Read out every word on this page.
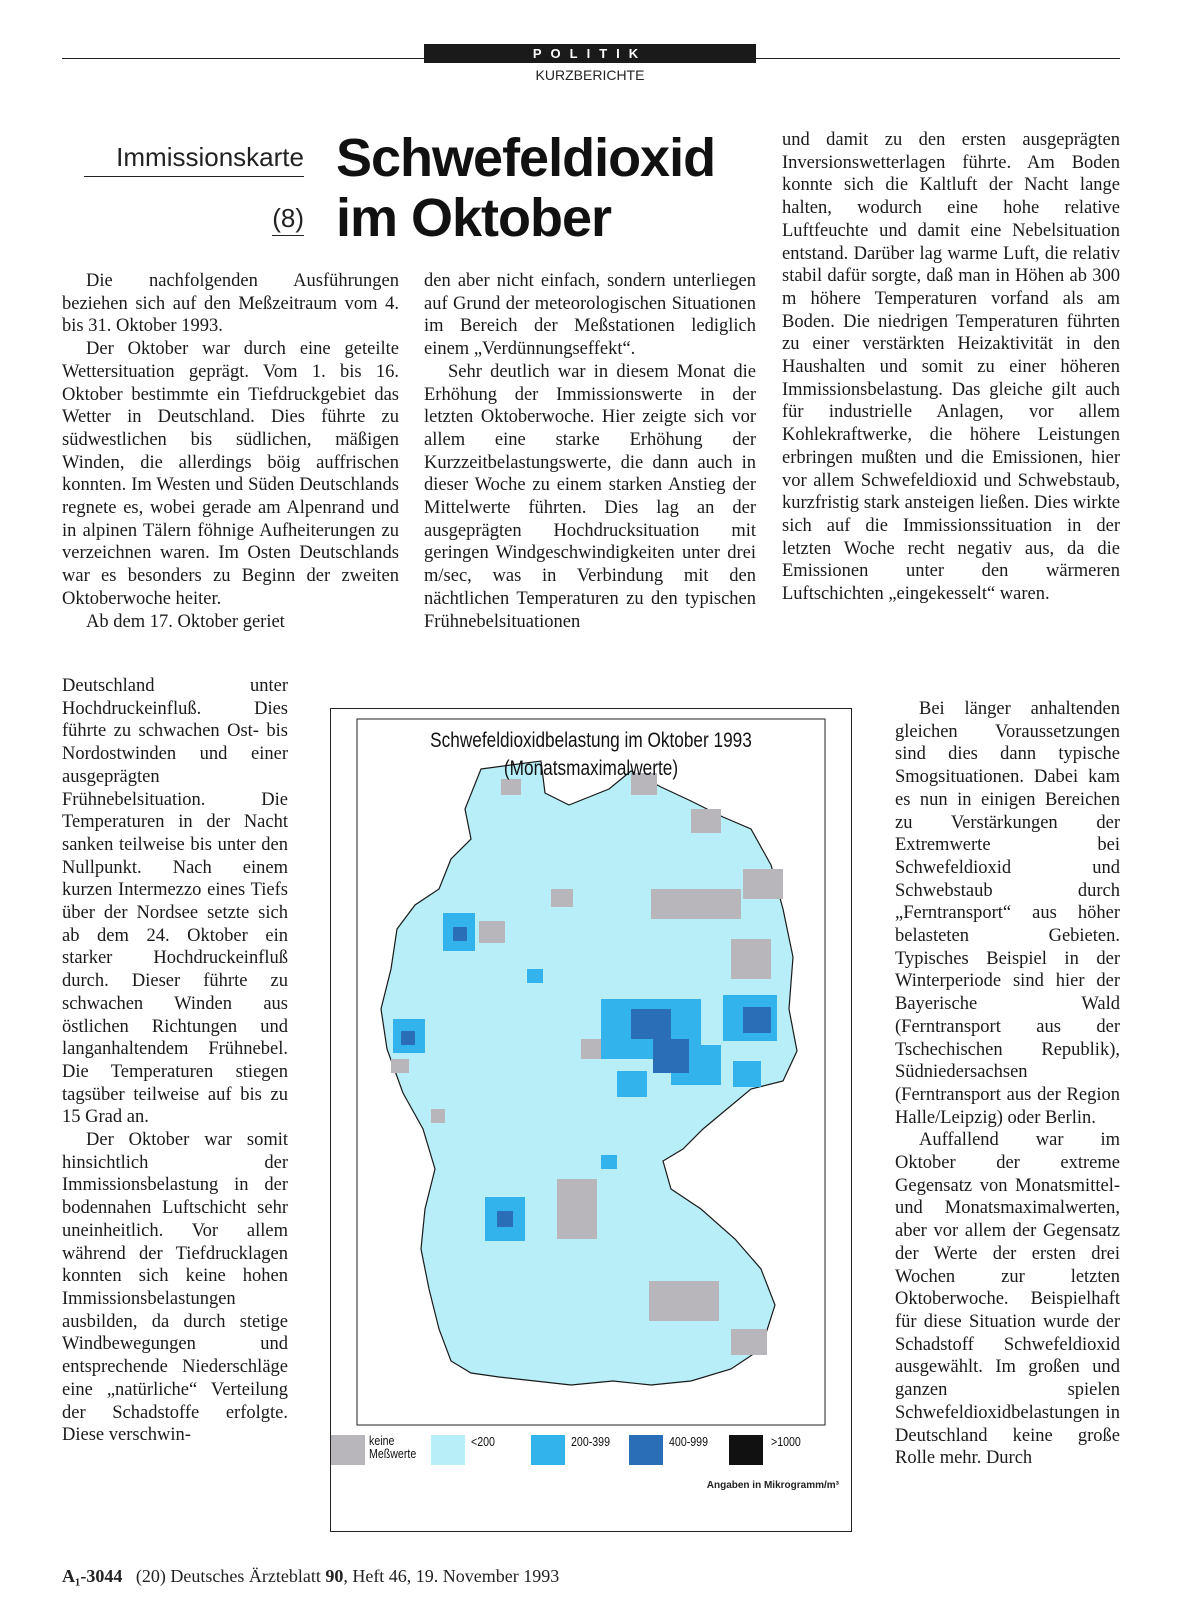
POLITIK
KURZBERICHTE
Immissionskarte
(8)
Schwefeldioxid
im Oktober

Die nachfolgenden Ausführungen beziehen sich auf den Meßzeitraum vom 4. bis 31. Oktober 1993.

Der Oktober war durch eine geteilte Wettersituation geprägt. Vom 1. bis 16. Oktober bestimmte ein Tiefdruckgebiet das Wetter in Deutschland. Dies führte zu südwestlichen bis südlichen, mäßigen Winden, die allerdings böig auffrischen konnten. Im Westen und Süden Deutschlands regnete es, wobei gerade am Alpenrand und in alpinen Tälern föhnige Aufheiterungen zu verzeichnen waren. Im Osten Deutschlands war es besonders zu Beginn der zweiten Oktoberwoche heiter.

Ab dem 17. Oktober geriet

Deutschland unter Hochdruckeinfluß. Dies führte zu schwachen Ost- bis Nordostwinden und einer ausgeprägten Frühnebelsituation. Die Temperaturen in der Nacht sanken teilweise bis unter den Nullpunkt. Nach einem kurzen Intermezzo eines Tiefs über der Nordsee setzte sich ab dem 24. Oktober ein starker Hochdruckeinfluß durch. Dieser führte zu schwachen Winden aus östlichen Richtungen und langanhaltendem Frühnebel. Die Temperaturen stiegen tagsüber teilweise auf bis zu 15 Grad an.

Der Oktober war somit hinsichtlich der Immissionsbelastung in der bodennahen Luftschicht sehr uneinheitlich. Vor allem während der Tiefdrucklagen konnten sich keine hohen Immissionsbelastungen ausbilden, da durch stetige Windbewegungen und entsprechende Niederschläge eine „natürliche“ Verteilung der Schadstoffe erfolgte. Diese verschwin-

den aber nicht einfach, sondern unterliegen auf Grund der meteorologischen Situationen im Bereich der Meßstationen lediglich einem „Verdünnungseffekt“.

Sehr deutlich war in diesem Monat die Erhöhung der Immissionswerte in der letzten Oktoberwoche. Hier zeigte sich vor allem eine starke Erhöhung der Kurzzeitbelastungswerte, die dann auch in dieser Woche zu einem starken Anstieg der Mittelwerte führten. Dies lag an der ausgeprägten Hochdrucksituation mit geringen Windgeschwindigkeiten unter drei m/sec, was in Verbindung mit den nächtlichen Temperaturen zu den typischen Frühnebelsituationen

und damit zu den ersten ausgeprägten Inversionswetterlagen führte. Am Boden konnte sich die Kaltluft der Nacht lange halten, wodurch eine hohe relative Luftfeuchte und damit eine Nebelsituation entstand. Darüber lag warme Luft, die relativ stabil dafür sorgte, daß man in Höhen ab 300 m höhere Temperaturen vorfand als am Boden. Die niedrigen Temperaturen führten zu einer verstärkten Heizaktivität in den Haushalten und somit zu einer höheren Immissionsbelastung. Das gleiche gilt auch für industrielle Anlagen, vor allem Kohlekraftwerke, die höhere Leistungen erbringen mußten und die Emissionen, hier vor allem Schwefeldioxid und Schwebstaub, kurzfristig stark ansteigen ließen. Dies wirkte sich auf die Immissionssituation in der letzten Woche recht negativ aus, da die Emissionen unter den wärmeren Luftschichten „eingekesselt“ waren.

Bei länger anhaltenden gleichen Voraussetzungen sind dies dann typische Smogsituationen. Dabei kam es nun in einigen Bereichen zu Verstärkungen der Extremwerte bei Schwefeldioxid und Schwebstaub durch „Ferntransport“ aus höher belasteten Gebieten. Typisches Beispiel in der Winterperiode sind hier der Bayerische Wald (Ferntransport aus der Tschechischen Republik), Südniedersachsen (Ferntransport aus der Region Halle/Leipzig) oder Berlin.

Auffallend war im Oktober der extreme Gegensatz von Monatsmittel- und Monatsmaximalwerten, aber vor allem der Gegensatz der Werte der ersten drei Wochen zur letzten Oktoberwoche. Beispielhaft für diese Situation wurde der Schadstoff Schwefeldioxid ausgewählt. Im großen und ganzen spielen Schwefeldioxidbelastungen in Deutschland keine große Rolle mehr. Durch

Schwefeldioxidbelastung im Oktober 1993
(Monatsmaximalwerte)
keine
Meßwerte
<200	200-399	400-999	>1000
Angaben in Mikrogramm/m³
A₁-3044 (20) Deutsches Ärzteblatt 90, Heft 46, 19. November 1993
